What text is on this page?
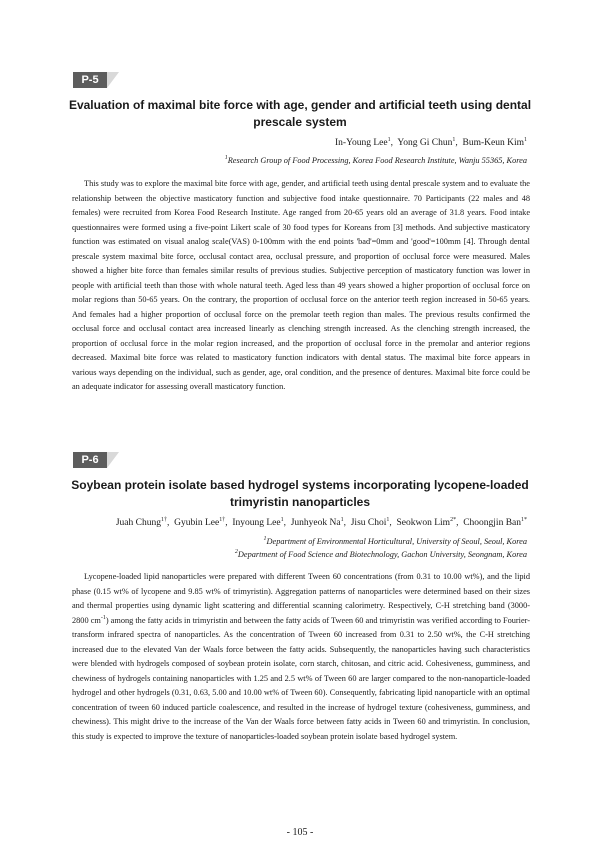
P-5
Evaluation of maximal bite force with age, gender and artificial teeth using dental prescale system
In-Young Lee$^1$,  Yong Gi Chun$^1$,  Bum-Keun Kim$^1$
$^1$Research Group of Food Processing, Korea Food Research Institute, Wanju 55365, Korea

This study was to explore the maximal bite force with age, gender, and artificial teeth using dental prescale system and to evaluate the relationship between the objective masticatory function and subjective food intake questionnaire. 70 Participants (22 males and 48 females) were recruited from Korea Food Research Institute. Age ranged from 20-65 years old an average of 31.8 years. Food intake questionnaires were formed using a five-point Likert scale of 30 food types for Koreans from [3] methods. And subjective masticatory function was estimated on visual analog scale(VAS) 0-100mm with the end points 'bad'=0mm and 'good'=100mm [4]. Through dental prescale system maximal bite force, occlusal contact area, occlusal pressure, and proportion of occlusal force were measured. Males showed a higher bite force than females similar results of previous studies. Subjective perception of masticatory function was lower in people with artificial teeth than those with whole natural teeth. Aged less than 49 years showed a higher proportion of occlusal force on molar regions than 50-65 years. On the contrary, the proportion of occlusal force on the anterior teeth region increased in 50-65 years. And females had a higher proportion of occlusal force on the premolar teeth region than males. The previous results confirmed the occlusal force and occlusal contact area increased linearly as clenching strength increased. As the clenching strength increased, the proportion of occlusal force in the molar region increased, and the proportion of occlusal force in the premolar and anterior regions decreased. Maximal bite force was related to masticatory function indicators with dental status. The maximal bite force appears in various ways depending on the individual, such as gender, age, oral condition, and the presence of dentures. Maximal bite force could be an adequate indicator for assessing overall masticatory function.

P-6
Soybean protein isolate based hydrogel systems incorporating lycopene-loaded trimyristin nanoparticles
Juah Chung$^{1\dagger}$,  Gyubin Lee$^{1\dagger}$,  Inyoung Lee$^1$,  Junhyeok Na$^1$,  Jisu Choi$^1$,  Seokwon Lim$^{2*}$,  Choongjin Ban$^{1*}$
$^1$Department of Environmental Horticultural, University of Seoul, Seoul, Korea
$^2$Department of Food Science and Biotechnology, Gachon University, Seongnam, Korea

Lycopene-loaded lipid nanoparticles were prepared with different Tween 60 concentrations (from 0.31 to 10.00 wt%), and the lipid phase (0.15 wt% of lycopene and 9.85 wt% of trimyristin). Aggregation patterns of nanoparticles were determined based on their sizes and thermal properties using dynamic light scattering and differential scanning calorimetry. Respectively, C-H stretching band (3000-2800 $cm^{-1}$) among the fatty acids in trimyristin and between the fatty acids of Tween 60 and trimyristin was verified according to Fourier-transform infrared spectra of nanoparticles. As the concentration of Tween 60 increased from 0.31 to 2.50 wt%, the C-H stretching increased due to the elevated Van der Waals force between the fatty acids. Subsequently, the nanoparticles having such characteristics were blended with hydrogels composed of soybean protein isolate, corn starch, chitosan, and citric acid. Cohesiveness, gumminess, and chewiness of hydrogels containing nanoparticles with 1.25 and 2.5 wt% of Tween 60 are larger compared to the non-nanoparticle-loaded hydrogel and other hydrogels (0.31, 0.63, 5.00 and 10.00 wt% of Tween 60). Consequently, fabricating lipid nanoparticle with an optimal concentration of tween 60 induced particle coalescence, and resulted in the increase of hydrogel texture (cohesiveness, gumminess, and chewiness). This might drive to the increase of the Van der Waals force between fatty acids in Tween 60 and trimyristin. In conclusion, this study is expected to improve the texture of nanoparticles-loaded soybean protein isolate based hydrogel system.

- 105 -
